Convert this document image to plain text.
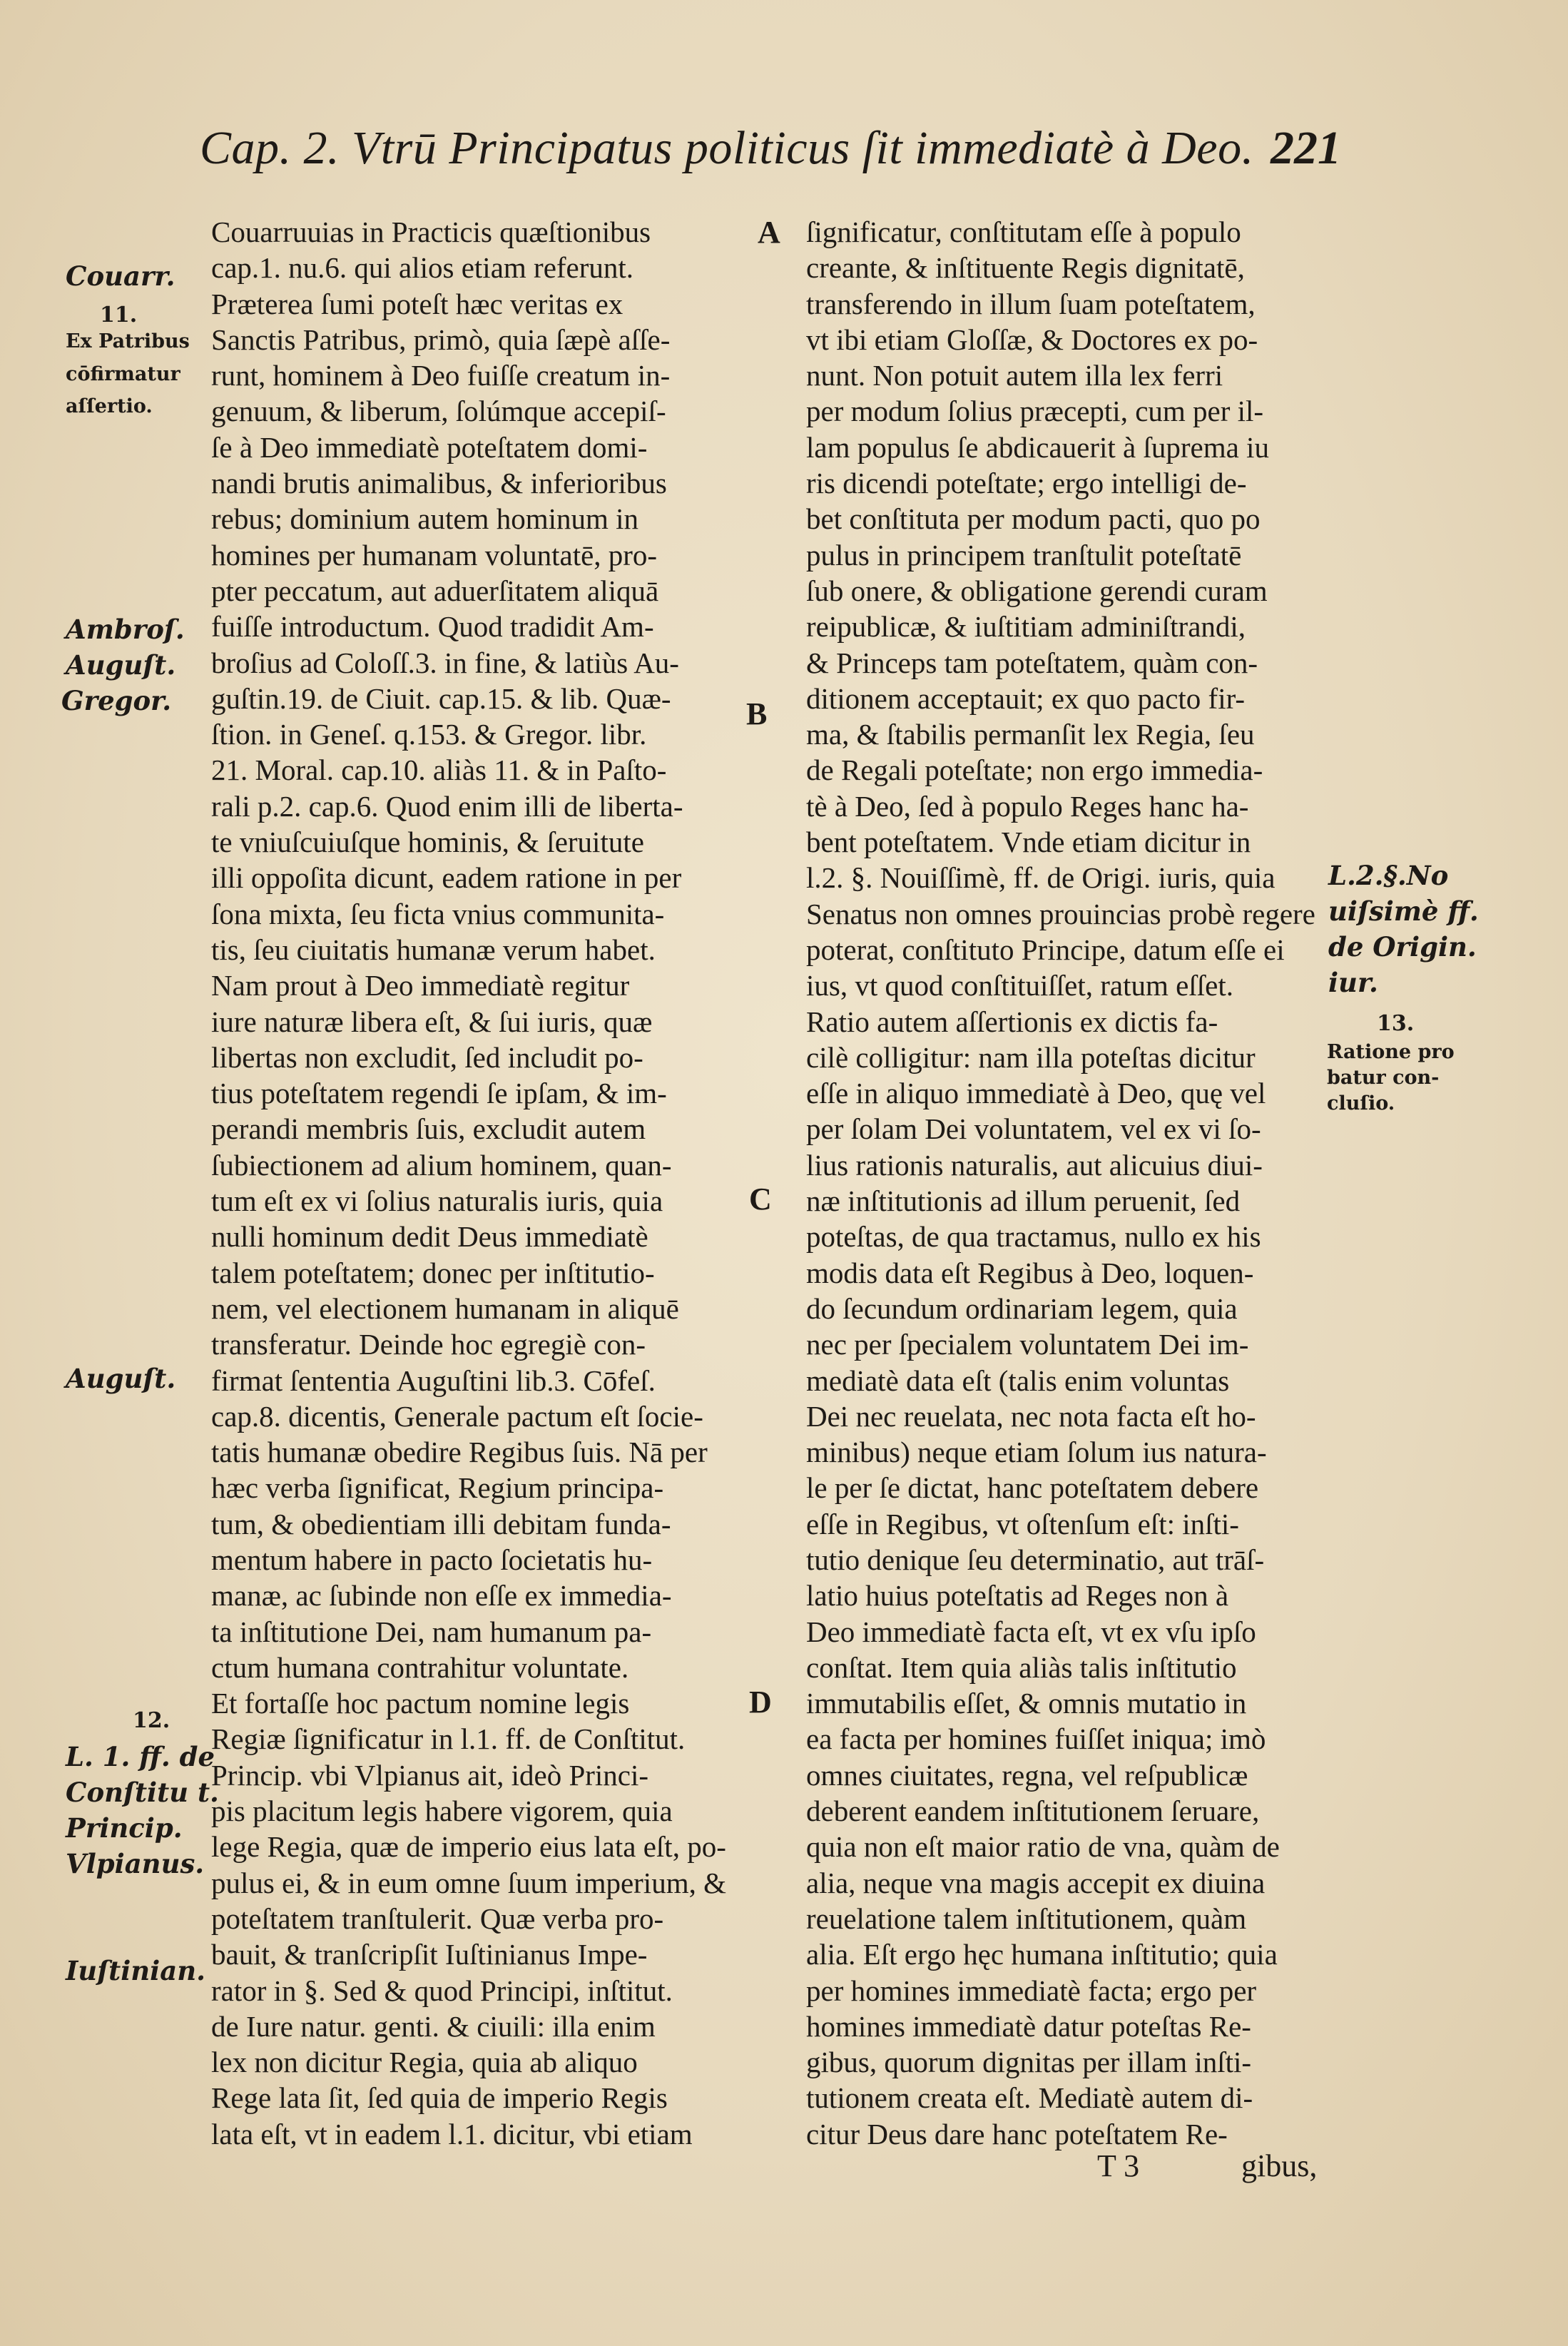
Cap. 2. Vtrū Principatus politicus ſit immediatè à Deo. 221
Couarruuias in Practicis quæſtionibus
cap.1. nu.6. qui alios etiam referunt.
Præterea ſumi poteſt hæc veritas ex
Sanctis Patribus, primò, quia ſæpè aſſe-
runt, hominem à Deo fuiſſe creatum in-
genuum, & liberum, ſolúmque accepiſ-
ſe à Deo immediatè poteſtatem domi-
nandi brutis animalibus, & inferioribus
rebus; dominium autem hominum in
homines per humanam voluntatē, pro-
pter peccatum, aut aduerſitatem aliquā
fuiſſe introductum. Quod tradidit Am-
broſius ad Coloſſ.3. in fine, & latiùs Au-
guſtin.19. de Ciuit. cap.15. & lib. Quæ-
ſtion. in Geneſ. q.153. & Gregor. libr.
21. Moral. cap.10. aliàs 11. & in Paſto-
rali p.2. cap.6. Quod enim illi de liberta-
te vniuſcuiuſque hominis, & ſeruitute
illi oppoſita dicunt, eadem ratione in per
ſona mixta, ſeu ficta vnius communita-
tis, ſeu ciuitatis humanæ verum habet.
Nam prout à Deo immediatè regitur
iure naturæ libera eſt, & ſui iuris, quæ
libertas non excludit, ſed includit po-
tius poteſtatem regendi ſe ipſam, & im-
perandi membris ſuis, excludit autem
ſubiectionem ad alium hominem, quan-
tum eſt ex vi ſolius naturalis iuris, quia
nulli hominum dedit Deus immediatè
talem poteſtatem; donec per inſtitutio-
nem, vel electionem humanam in aliquē
transferatur. Deinde hoc egregiè con-
firmat ſententia Auguſtini lib.3. Cōfeſ.
cap.8. dicentis, Generale pactum eſt ſocie-
tatis humanæ obedire Regibus ſuis. Nā per
hæc verba ſignificat, Regium principa-
tum, & obedientiam illi debitam funda-
mentum habere in pacto ſocietatis hu-
manæ, ac ſubinde non eſſe ex immedia-
ta inſtitutione Dei, nam humanum pa-
ctum humana contrahitur voluntate.
Et fortaſſe hoc pactum nomine legis
Regiæ ſignificatur in l.1. ff. de Conſtitut.
Princip. vbi Vlpianus ait, ideò Princi-
pis placitum legis habere vigorem, quia
lege Regia, quæ de imperio eius lata eſt, po-
pulus ei, & in eum omne ſuum imperium, &
poteſtatem tranſtulerit. Quæ verba pro-
bauit, & tranſcripſit Iuſtinianus Impe-
rator in §. Sed & quod Principi, inſtitut.
de Iure natur. genti. & ciuili: illa enim
lex non dicitur Regia, quia ab aliquo
Rege lata ſit, ſed quia de imperio Regis
lata eſt, vt in eadem l.1. dicitur, vbi etiam
ſignificatur, conſtitutam eſſe à populo
creante, & inſtituente Regis dignitatē,
transferendo in illum ſuam poteſtatem,
vt ibi etiam Gloſſæ, & Doctores ex po-
nunt. Non potuit autem illa lex ferri
per modum ſolius præcepti, cum per il-
lam populus ſe abdicauerit à ſuprema iu
ris dicendi poteſtate; ergo intelligi de-
bet conſtituta per modum pacti, quo po
pulus in principem tranſtulit poteſtatē
ſub onere, & obligatione gerendi curam
reipublicæ, & iuſtitiam adminiſtrandi,
& Princeps tam poteſtatem, quàm con-
ditionem acceptauit; ex quo pacto fir-
ma, & ſtabilis permanſit lex Regia, ſeu
de Regali poteſtate; non ergo immedia-
tè à Deo, ſed à populo Reges hanc ha-
bent poteſtatem. Vnde etiam dicitur in
l.2. §. Nouiſſimè, ff. de Origi. iuris, quia
Senatus non omnes prouincias probè regere
poterat, conſtituto Principe, datum eſſe ei
ius, vt quod conſtituiſſet, ratum eſſet.
Ratio autem aſſertionis ex dictis fa-
cilè colligitur: nam illa poteſtas dicitur
eſſe in aliquo immediatè à Deo, quę vel
per ſolam Dei voluntatem, vel ex vi ſo-
lius rationis naturalis, aut alicuius diui-
næ inſtitutionis ad illum peruenit, ſed
poteſtas, de qua tractamus, nullo ex his
modis data eſt Regibus à Deo, loquen-
do ſecundum ordinariam legem, quia
nec per ſpecialem voluntatem Dei im-
mediatè data eſt (talis enim voluntas
Dei nec reuelata, nec nota facta eſt ho-
minibus) neque etiam ſolum ius natura-
le per ſe dictat, hanc poteſtatem debere
eſſe in Regibus, vt oſtenſum eſt: inſti-
tutio denique ſeu determinatio, aut trāſ-
latio huius poteſtatis ad Reges non à
Deo immediatè facta eſt, vt ex vſu ipſo
conſtat. Item quia aliàs talis inſtitutio
immutabilis eſſet, & omnis mutatio in
ea facta per homines fuiſſet iniqua; imò
omnes ciuitates, regna, vel reſpublicæ
deberent eandem inſtitutionem ſeruare,
quia non eſt maior ratio de vna, quàm de
alia, neque vna magis accepit ex diuina
reuelatione talem inſtitutionem, quàm
alia. Eſt ergo hęc humana inſtitutio; quia
per homines immediatè facta; ergo per
homines immediatè datur poteſtas Re-
gibus, quorum dignitas per illam inſti-
tutionem creata eſt. Mediatè autem di-
citur Deus dare hanc poteſtatem Re-
A
B
C
D
Couarr.
11.
Ex Patribus
cōfirmatur
aſſertio.
Ambroſ.
Auguſt.
Gregor.
Auguſt.
12.
L. 1. ff. de
Conſtitu t.
Princip.
Vlpianus.
Iuſtinian.
L.2.§.No
uiſsimè ff.
de Origin.
iur.
13.
Ratione pro
batur con-
cluſio.
T 3	gibus,
